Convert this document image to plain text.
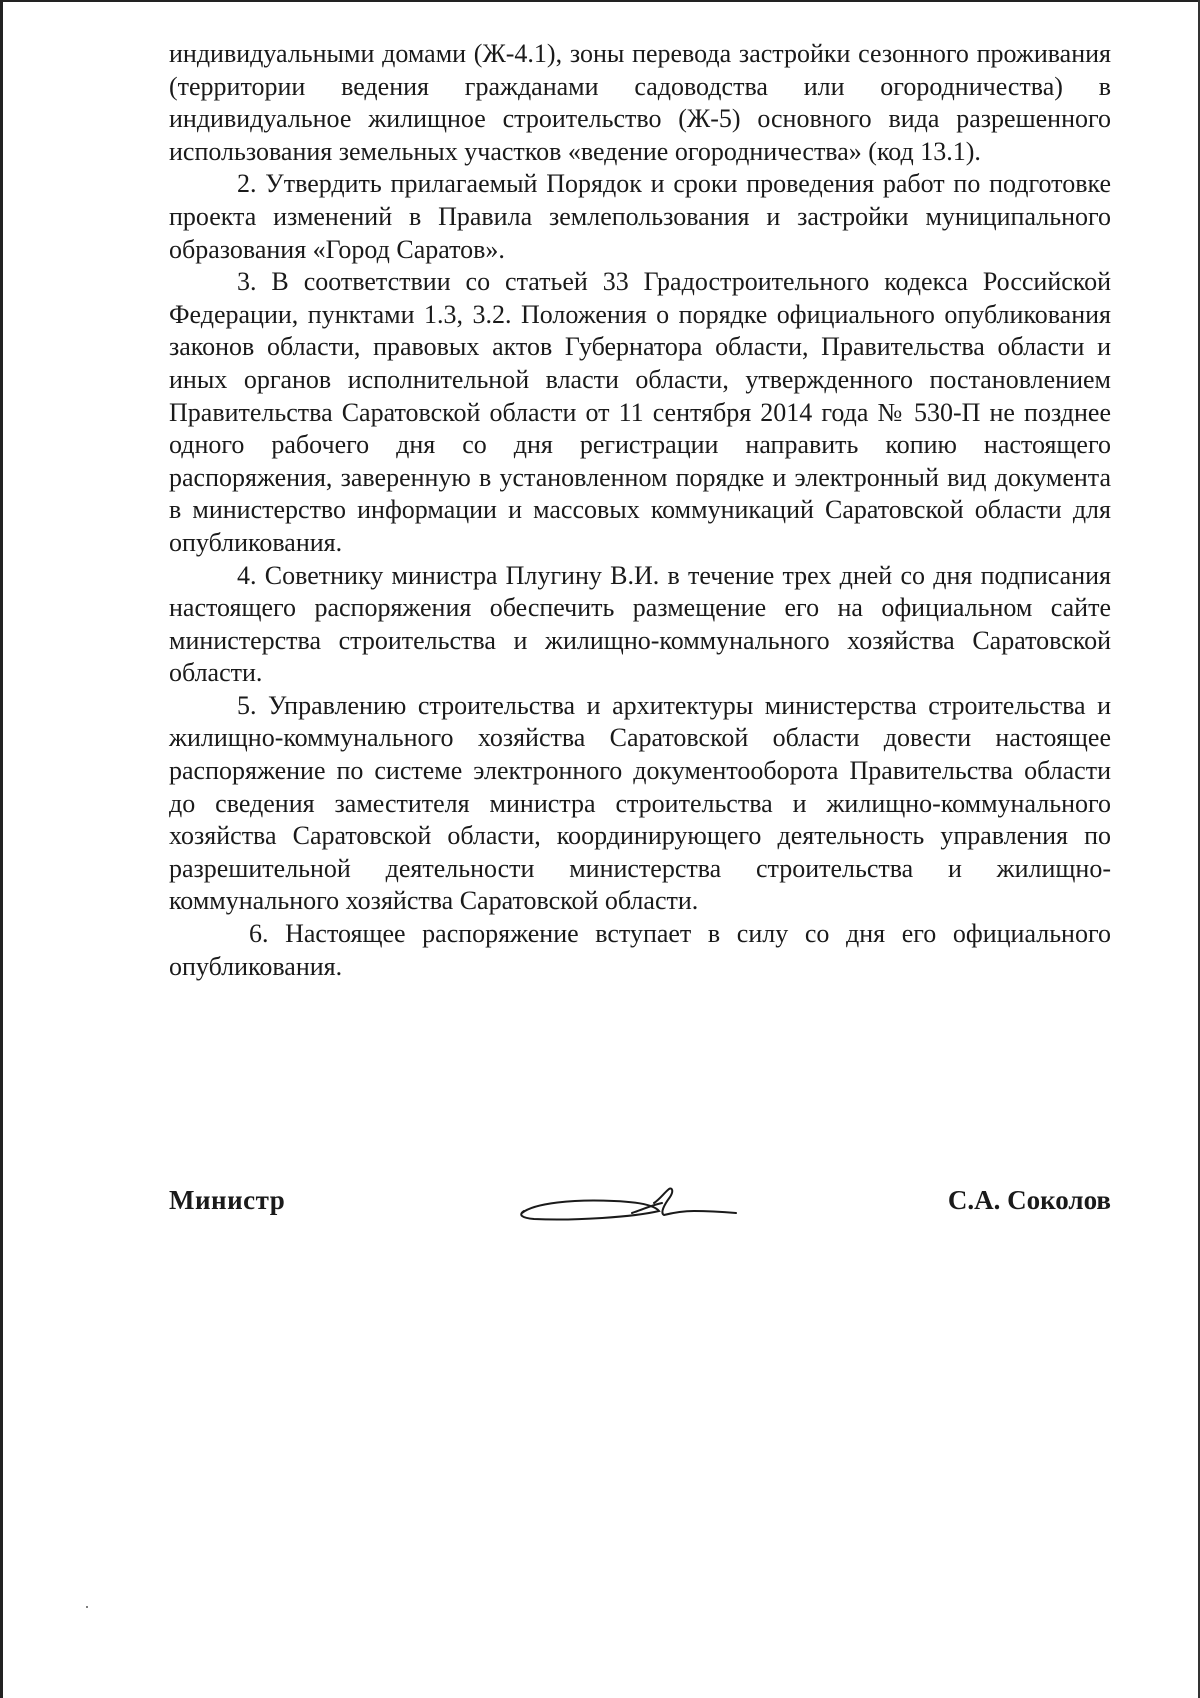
индивидуальными домами (Ж-4.1), зоны перевода застройки сезонного проживания (территории ведения гражданами садоводства или огородничества) в индивидуальное жилищное строительство (Ж-5) основного вида разрешенного использования земельных участков «ведение огородничества» (код 13.1).

2. Утвердить прилагаемый Порядок и сроки проведения работ по подготовке проекта изменений в Правила землепользования и застройки муниципального образования «Город Саратов».

3. В соответствии со статьей 33 Градостроительного кодекса Российской Федерации, пунктами 1.3, 3.2. Положения о порядке официального опубликования законов области, правовых актов Губернатора области, Правительства области и иных органов исполнительной власти области, утвержденного постановлением Правительства Саратовской области от 11 сентября 2014 года № 530-П не позднее одного рабочего дня со дня регистрации направить копию настоящего распоряжения, заверенную в установленном порядке и электронный вид документа в министерство информации и массовых коммуникаций Саратовской области для опубликования.

4. Советнику министра Плугину В.И. в течение трех дней со дня подписания настоящего распоряжения обеспечить размещение его на официальном сайте министерства строительства и жилищно-коммунального хозяйства Саратовской области.

5. Управлению строительства и архитектуры министерства строительства и жилищно-коммунального хозяйства Саратовской области довести настоящее распоряжение по системе электронного документооборота Правительства области до сведения заместителя министра строительства и жилищно-коммунального хозяйства Саратовской области, координирующего деятельность управления по разрешительной деятельности министерства строительства и жилищно-коммунального хозяйства Саратовской области.

6. Настоящее распоряжение вступает в силу со дня его официального опубликования.

Министр	С.А. Соколов
